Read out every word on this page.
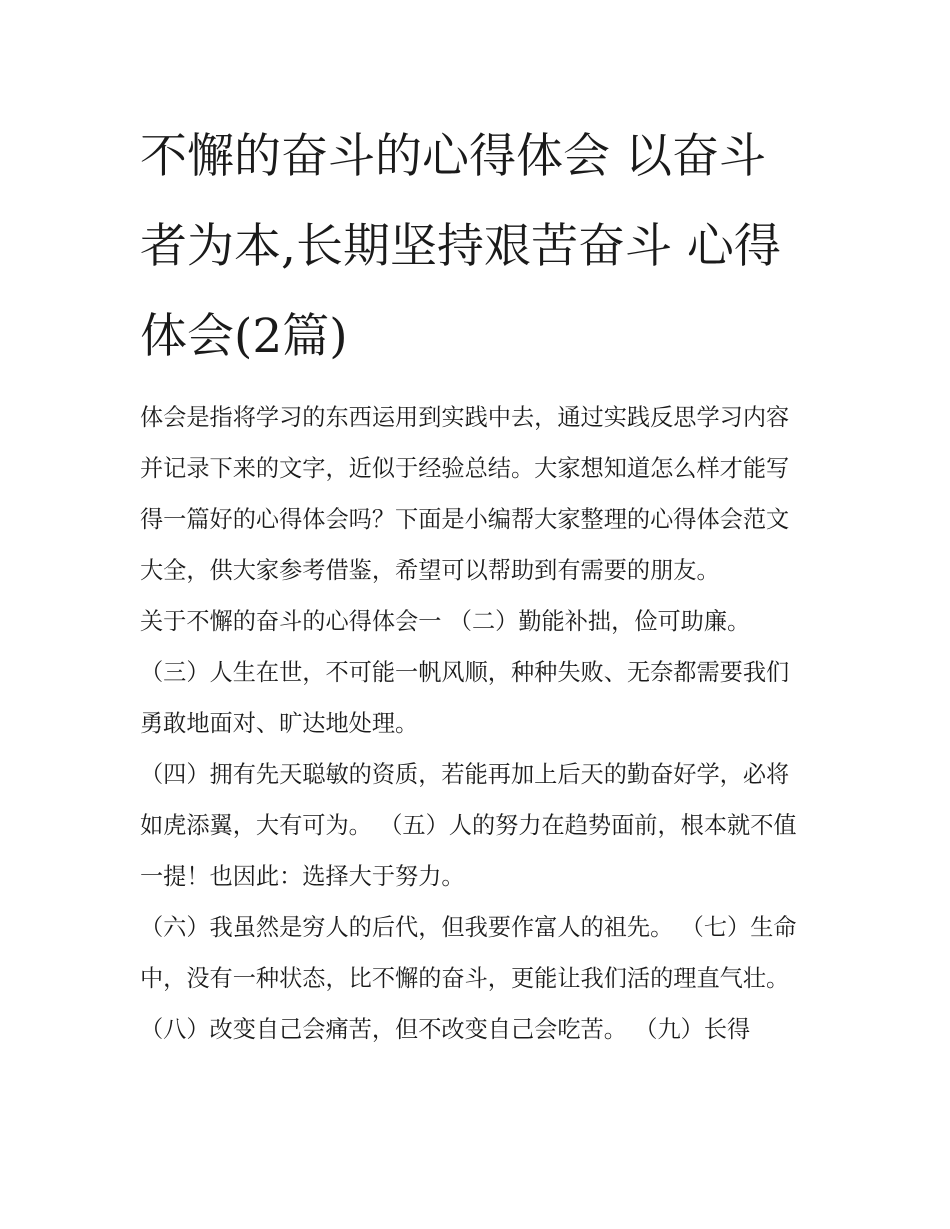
不懈的奋斗的心得体会 以奋斗者为本,长期坚持艰苦奋斗 心得体会(2篇)

体会是指将学习的东西运用到实践中去，通过实践反思学习内容并记录下来的文字，近似于经验总结。大家想知道怎么样才能写得一篇好的心得体会吗？下面是小编帮大家整理的心得体会范文大全，供大家参考借鉴，希望可以帮助到有需要的朋友。

关于不懈的奋斗的心得体会一 （二）勤能补拙，俭可助廉。

（三）人生在世，不可能一帆风顺，种种失败、无奈都需要我们勇敢地面对、旷达地处理。

（四）拥有先天聪敏的资质，若能再加上后天的勤奋好学，必将如虎添翼，大有可为。 （五）人的努力在趋势面前，根本就不值一提！也因此：选择大于努力。

（六）我虽然是穷人的后代，但我要作富人的祖先。 （七）生命中，没有一种状态，比不懈的奋斗，更能让我们活的理直气壮。

（八）改变自己会痛苦，但不改变自己会吃苦。 （九）长得
